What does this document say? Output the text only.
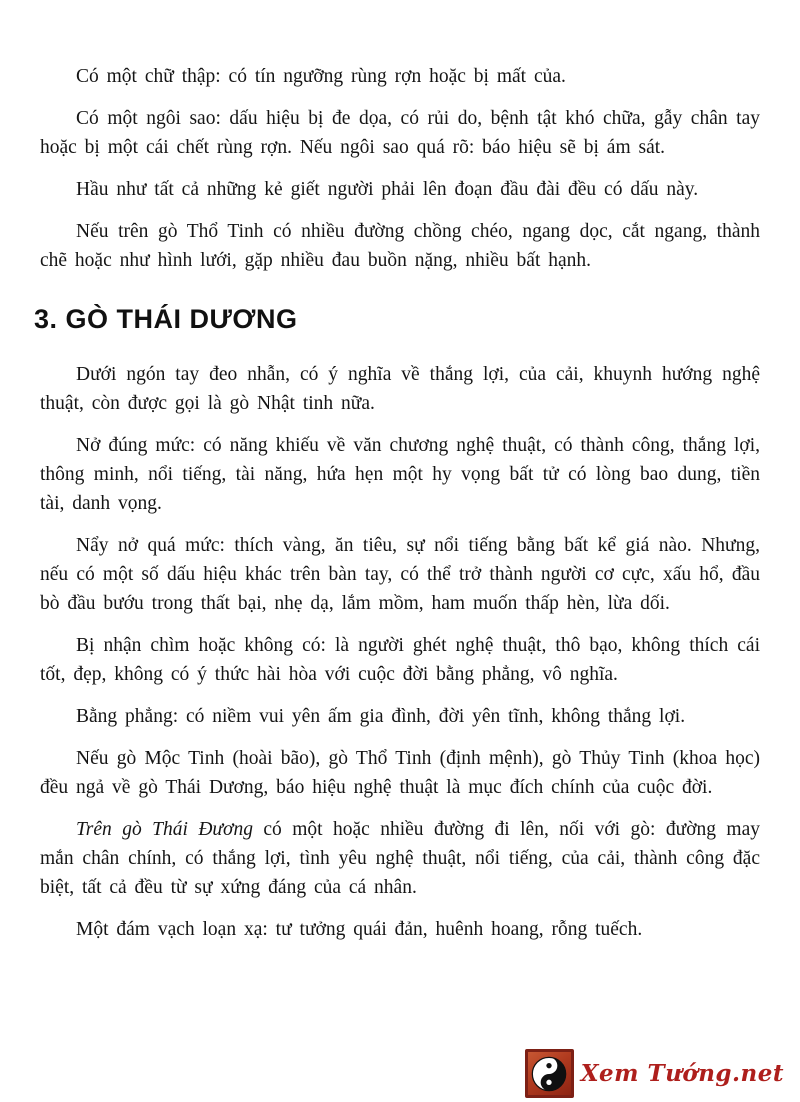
Có một chữ thập: có tín ngưỡng rùng rợn hoặc bị mất của.

Có một ngôi sao: dấu hiệu bị đe dọa, có rủi do, bệnh tật khó chữa, gẫy chân tay hoặc bị một cái chết rùng rợn. Nếu ngôi sao quá rõ: báo hiệu sẽ bị ám sát.

Hầu như tất cả những kẻ giết người phải lên đoạn đầu đài đều có dấu này.

Nếu trên gò Thổ Tinh có nhiều đường chồng chéo, ngang dọc, cắt ngang, thành chẽ hoặc như hình lưới, gặp nhiều đau buồn nặng, nhiều bất hạnh.

3. GÒ THÁI DƯƠNG

Dưới ngón tay đeo nhẫn, có ý nghĩa về thắng lợi, của cải, khuynh hướng nghệ thuật, còn được gọi là gò Nhật tinh nữa.

Nở đúng mức: có năng khiếu về văn chương nghệ thuật, có thành công, thắng lợi, thông minh, nổi tiếng, tài năng, hứa hẹn một hy vọng bất tử có lòng bao dung, tiền tài, danh vọng.

Nẩy nở quá mức: thích vàng, ăn tiêu, sự nổi tiếng bằng bất kể giá nào. Nhưng, nếu có một số dấu hiệu khác trên bàn tay, có thể trở thành người cơ cực, xấu hổ, đầu bò đầu bướu trong thất bại, nhẹ dạ, lắm mồm, ham muốn thấp hèn, lừa dối.

Bị nhận chìm hoặc không có: là người ghét nghệ thuật, thô bạo, không thích cái tốt, đẹp, không có ý thức hài hòa với cuộc đời bằng phẳng, vô nghĩa.

Bằng phẳng: có niềm vui yên ấm gia đình, đời yên tĩnh, không thắng lợi.

Nếu gò Mộc Tinh (hoài bão), gò Thổ Tinh (định mệnh), gò Thủy Tinh (khoa học) đều ngả về gò Thái Dương, báo hiệu nghệ thuật là mục đích chính của cuộc đời.

Trên gò Thái Đương có một hoặc nhiều đường đi lên, nối với gò: đường may mắn chân chính, có thắng lợi, tình yêu nghệ thuật, nổi tiếng, của cải, thành công đặc biệt, tất cả đều từ sự xứng đáng của cá nhân.

Một đám vạch loạn xạ: tư tưởng quái đản, huênh hoang, rỗng tuếch.

Xem Tướng.net
